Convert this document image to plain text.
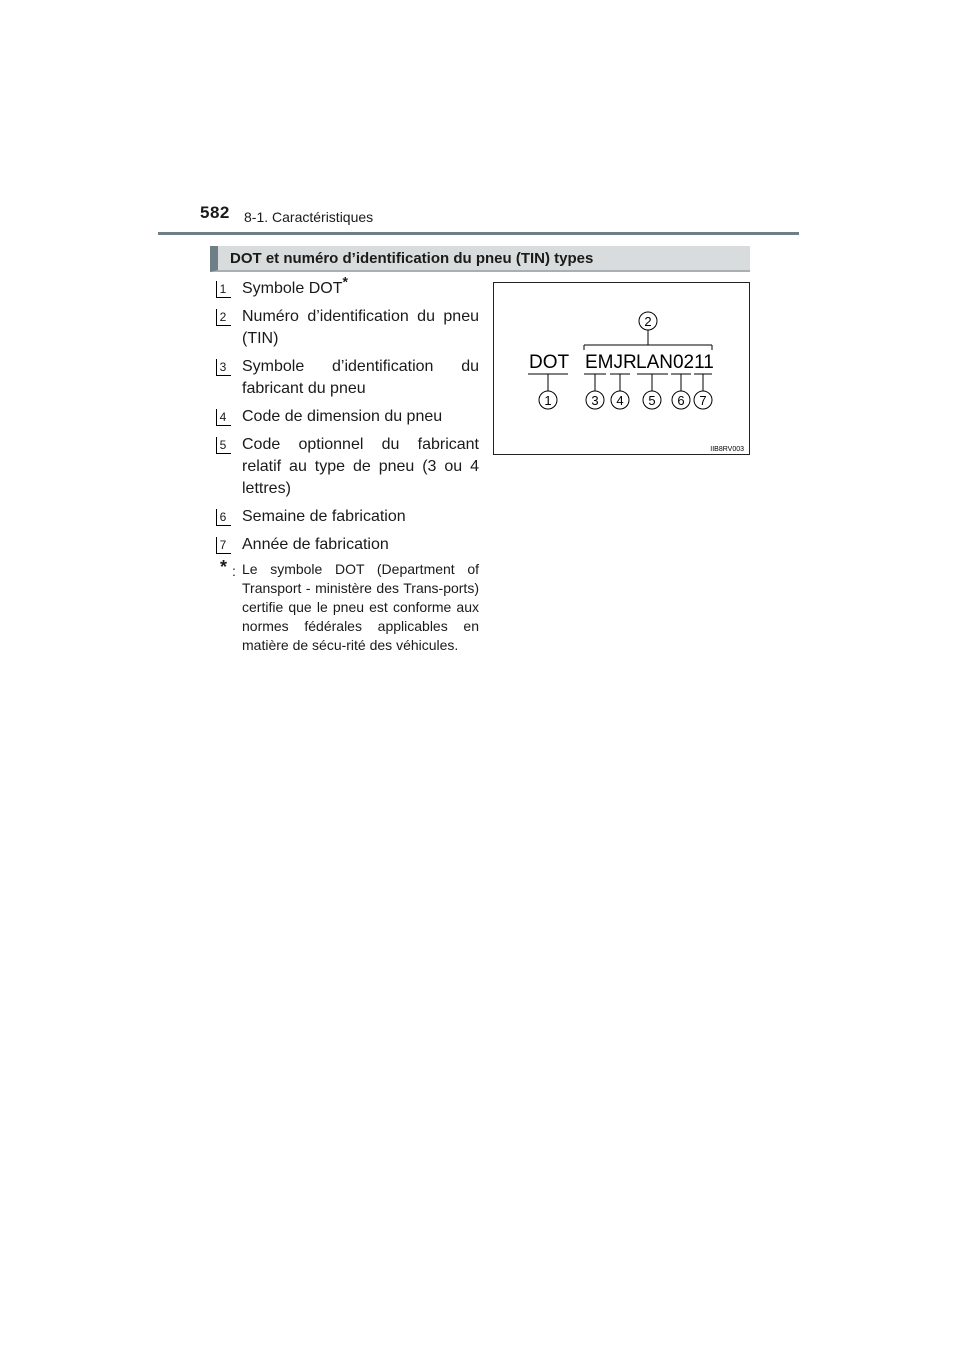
582 8-1. Caractéristiques
DOT et numéro d’identification du pneu (TIN) types
1 Symbole DOT*
2 Numéro d’identification du pneu (TIN)
3 Symbole d’identification du fabricant du pneu
4 Code de dimension du pneu
5 Code optionnel du fabricant relatif au type de pneu (3 ou 4 lettres)
6 Semaine de fabrication
7 Année de fabrication
* : Le symbole DOT (Department of Transport - ministère des Trans-ports) certifie que le pneu est conforme aux normes fédérales applicables en matière de sécu-rité des véhicules.
DOT EMJR LAN0211
2
1	3 4 5 6 7
IIB8RV003
